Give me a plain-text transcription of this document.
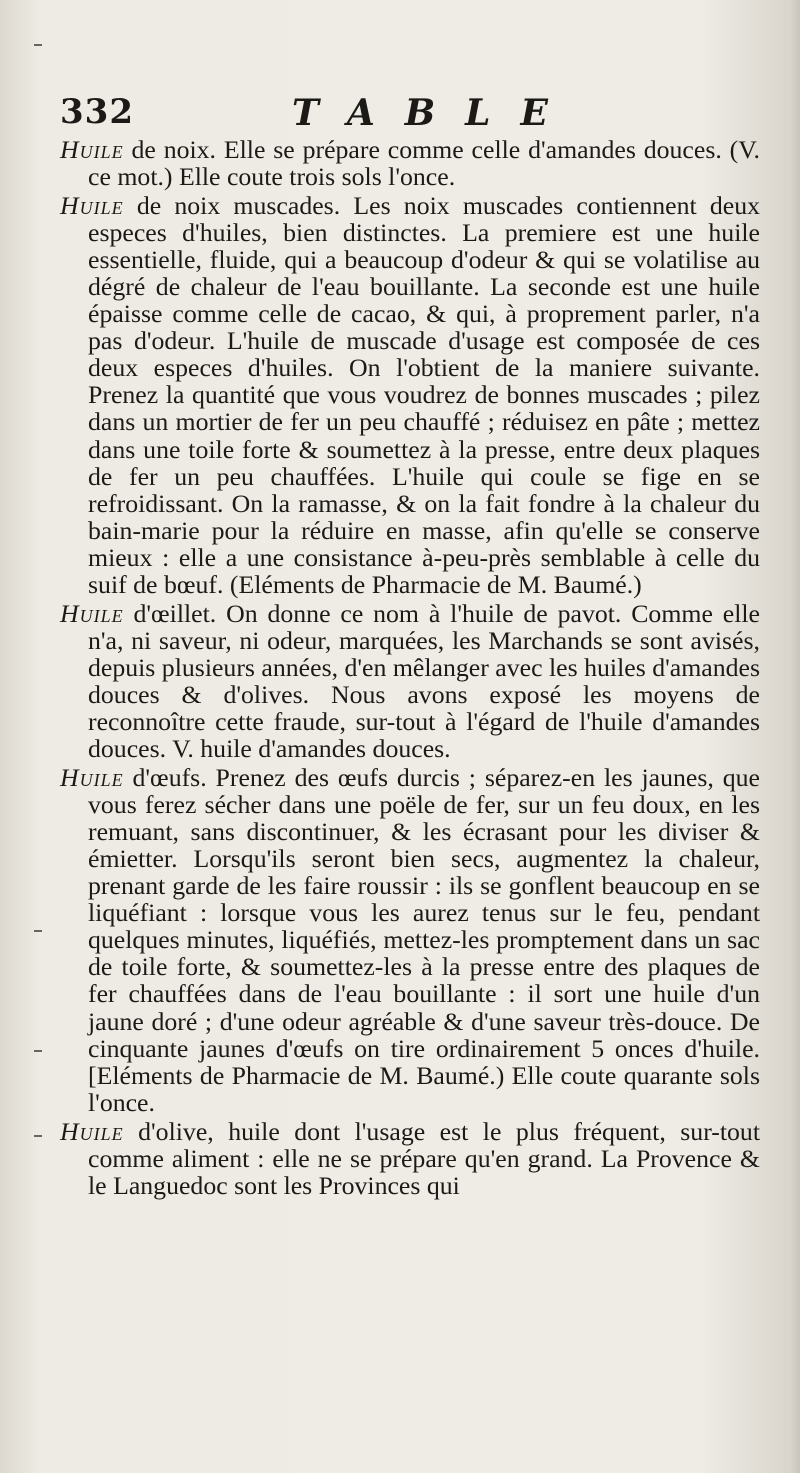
332	TABLE

Huile de noix. Elle se prépare comme celle d'amandes douces. (V. ce mot.) Elle coute trois sols l'once.

Huile de noix muscades. Les noix muscades contiennent deux especes d'huiles, bien distinctes. La premiere est une huile essentielle, fluide, qui a beaucoup d'odeur & qui se volatilise au dégré de chaleur de l'eau bouillante. La seconde est une huile épaisse comme celle de cacao, & qui, à proprement parler, n'a pas d'odeur. L'huile de muscade d'usage est composée de ces deux especes d'huiles. On l'obtient de la maniere suivante. Prenez la quantité que vous voudrez de bonnes muscades ; pilez dans un mortier de fer un peu chauffé ; réduisez en pâte ; mettez dans une toile forte & soumettez à la presse, entre deux plaques de fer un peu chauffées. L'huile qui coule se fige en se refroidissant. On la ramasse, & on la fait fondre à la chaleur du bain-marie pour la réduire en masse, afin qu'elle se conserve mieux : elle a une consistance à-peu-près semblable à celle du suif de bœuf. (Eléments de Pharmacie de M. Baumé.)

Huile d'œillet. On donne ce nom à l'huile de pavot. Comme elle n'a, ni saveur, ni odeur, marquées, les Marchands se sont avisés, depuis plusieurs années, d'en mêlanger avec les huiles d'amandes douces & d'olives. Nous avons exposé les moyens de reconnoître cette fraude, sur-tout à l'égard de l'huile d'amandes douces. V. huile d'amandes douces.

Huile d'œufs. Prenez des œufs durcis ; séparez-en les jaunes, que vous ferez sécher dans une poële de fer, sur un feu doux, en les remuant, sans discontinuer, & les écrasant pour les diviser & émietter. Lorsqu'ils seront bien secs, augmentez la chaleur, prenant garde de les faire roussir : ils se gonflent beaucoup en se liquéfiant : lorsque vous les aurez tenus sur le feu, pendant quelques minutes, liquéfiés, mettez-les promptement dans un sac de toile forte, & soumettez-les à la presse entre des plaques de fer chauffées dans de l'eau bouillante : il sort une huile d'un jaune doré ; d'une odeur agréable & d'une saveur très-douce. De cinquante jaunes d'œufs on tire ordinairement 5 onces d'huile. [Eléments de Pharmacie de M. Baumé.) Elle coute quarante sols l'once.

Huile d'olive, huile dont l'usage est le plus fréquent, sur-tout comme aliment : elle ne se prépare qu'en grand. La Provence & le Languedoc sont les Provinces qui
